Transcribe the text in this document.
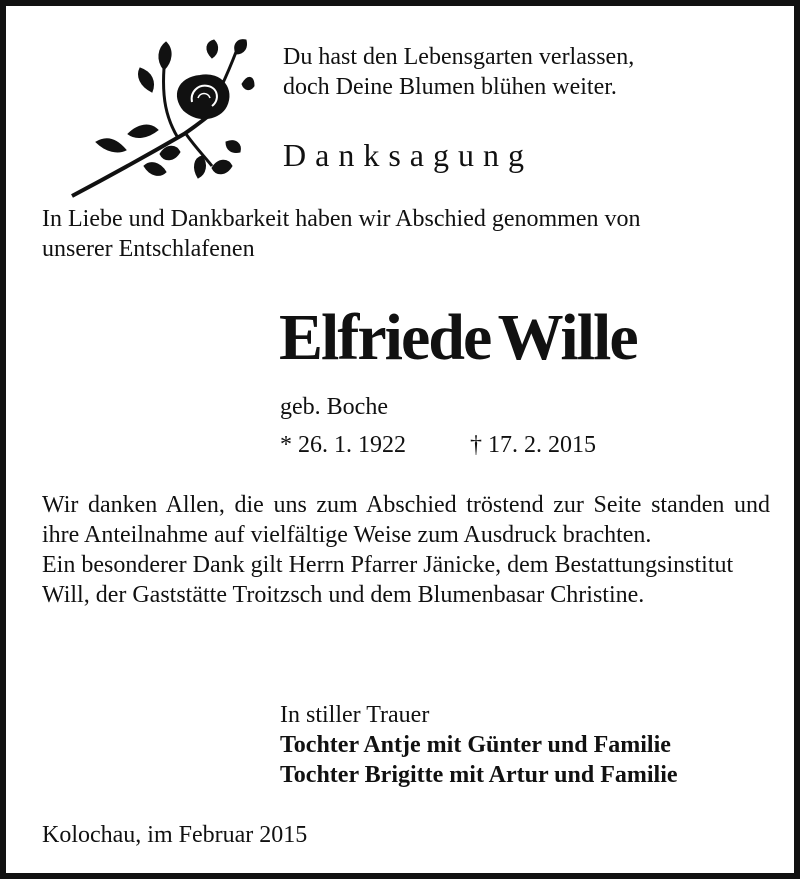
Du hast den Lebensgarten verlassen,
doch Deine Blumen blühen weiter.
Danksagung
In Liebe und Dankbarkeit haben wir Abschied genommen von
unserer Entschlafenen
Elfriede Wille
geb. Boche
* 26. 1. 1922	† 17. 2. 2015

Wir danken Allen, die uns zum Abschied tröstend zur Seite standen und ihre Anteilnahme auf vielfältige Weise zum Ausdruck brachten.

Ein besonderer Dank gilt Herrn Pfarrer Jänicke, dem Bestattungsinstitut Will, der Gaststätte Troitzsch und dem Blumenbasar Christine.

In stiller Trauer
Tochter Antje mit Günter und Familie
Tochter Brigitte mit Artur und Familie
Kolochau, im Februar 2015
